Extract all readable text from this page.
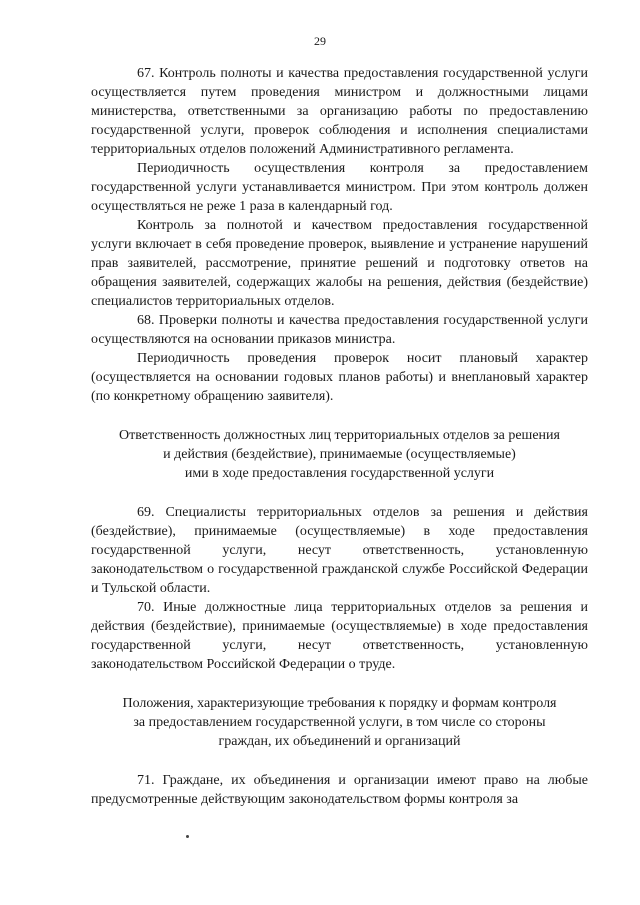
29

67. Контроль полноты и качества предоставления государственной услуги осуществляется путем проведения министром и должностными лицами министерства, ответственными за организацию работы по предоставлению государственной услуги, проверок соблюдения и исполнения специалистами территориальных отделов положений Административного регламента.

Периодичность осуществления контроля за предоставлением государственной услуги устанавливается министром. При этом контроль должен осуществляться не реже 1 раза в календарный год.

Контроль за полнотой и качеством предоставления государственной услуги включает в себя проведение проверок, выявление и устранение нарушений прав заявителей, рассмотрение, принятие решений и подготовку ответов на обращения заявителей, содержащих жалобы на решения, действия (бездействие) специалистов территориальных отделов.

68. Проверки полноты и качества предоставления государственной услуги осуществляются на основании приказов министра.

Периодичность проведения проверок носит плановый характер (осуществляется на основании годовых планов работы) и внеплановый характер (по конкретному обращению заявителя).

Ответственность должностных лиц территориальных отделов за решения

и действия (бездействие), принимаемые (осуществляемые)

ими в ходе предоставления государственной услуги

69. Специалисты территориальных отделов за решения и действия (бездействие), принимаемые (осуществляемые) в ходе предоставления государственной услуги, несут ответственность, установленную законодательством о государственной гражданской службе Российской Федерации и Тульской области.

70. Иные должностные лица территориальных отделов за решения и действия (бездействие), принимаемые (осуществляемые) в ходе предоставления государственной услуги, несут ответственность, установленную законодательством Российской Федерации о труде.

Положения, характеризующие требования к порядку и формам контроля

за предоставлением государственной услуги, в том числе со стороны

граждан, их объединений и организаций

71. Граждане, их объединения и организации имеют право на любые предусмотренные действующим законодательством формы контроля за
